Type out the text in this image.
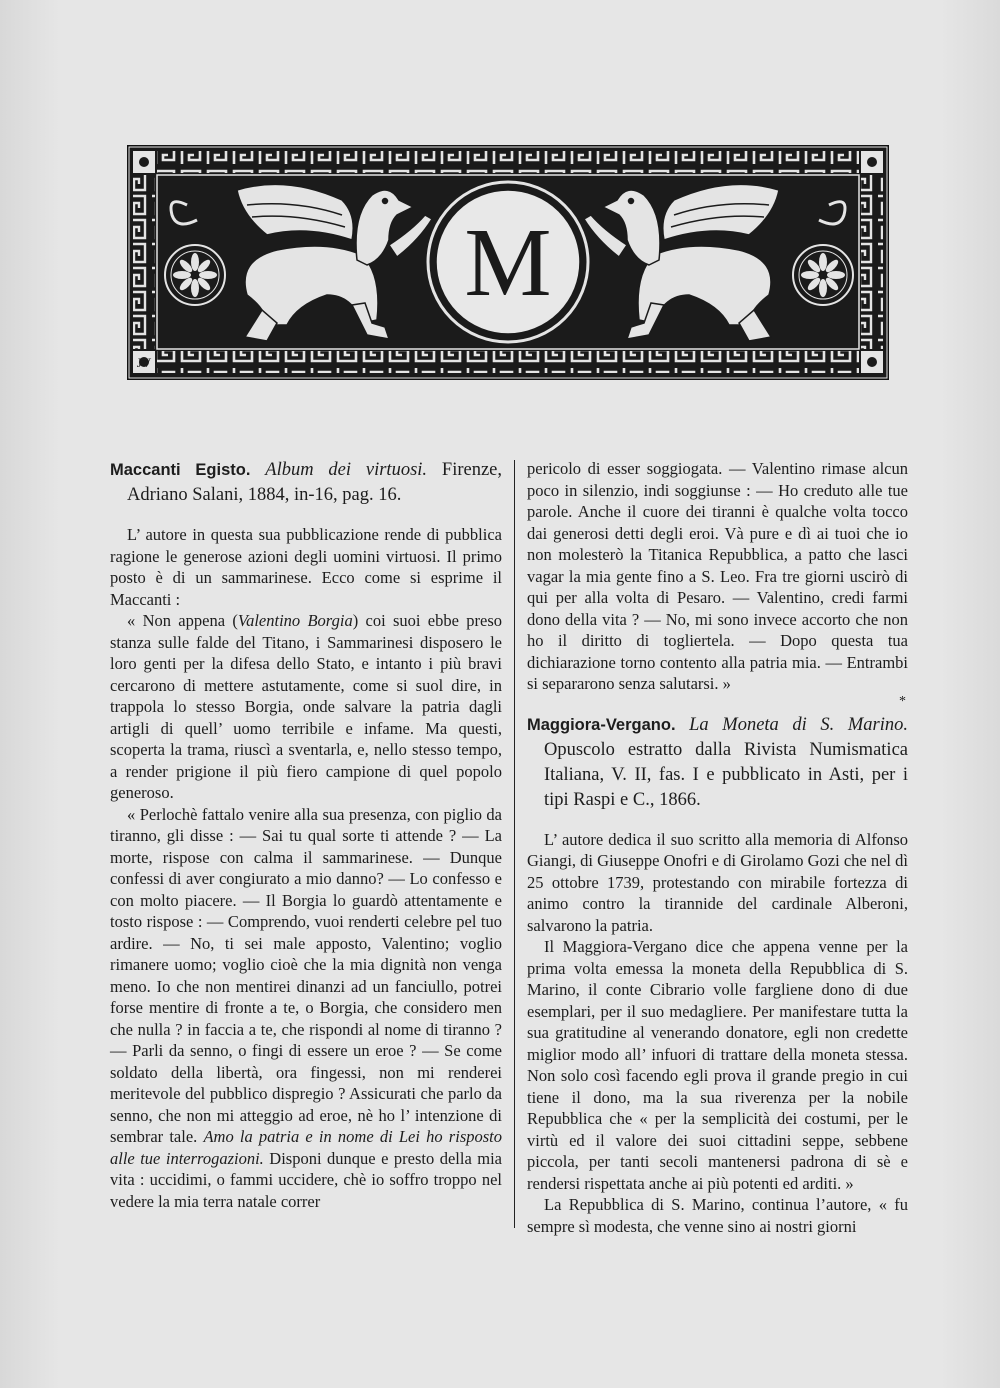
JV
M
Maccanti Egisto. Album dei virtuosi. Firenze, Adriano Salani, 1884, in-16, pag. 16.

L’ autore in questa sua pubblicazione rende di pubblica ragione le generose azioni degli uomini virtuosi. Il primo posto è di un sammarinese. Ecco come si esprime il Maccanti :

« Non appena (Valentino Borgia) coi suoi ebbe preso stanza sulle falde del Titano, i Sammarinesi disposero le loro genti per la difesa dello Stato, e intanto i più bravi cercarono di mettere astutamente, come si suol dire, in trappola lo stesso Borgia, onde salvare la patria dagli artigli di quell’ uomo terribile e infame. Ma questi, scoperta la trama, riuscì a sventarla, e, nello stesso tempo, a render prigione il più fiero campione di quel popolo generoso.

« Perlochè fattalo venire alla sua presenza, con piglio da tiranno, gli disse : — Sai tu qual sorte ti attende ? — La morte, rispose con calma il sammarinese. — Dunque confessi di aver congiurato a mio danno? — Lo confesso e con molto piacere. — Il Borgia lo guardò attentamente e tosto rispose : — Comprendo, vuoi renderti celebre pel tuo ardire. — No, ti sei male apposto, Valentino; voglio rimanere uomo; voglio cioè che la mia dignità non venga meno. Io che non mentirei dinanzi ad un fanciullo, potrei forse mentire di fronte a te, o Borgia, che considero men che nulla ? in faccia a te, che rispondi al nome di tiranno ? — Parli da senno, o fingi di essere un eroe ? — Se come soldato della libertà, ora fingessi, non mi renderei meritevole del pubblico dispregio ? Assicurati che parlo da senno, che non mi atteggio ad eroe, nè ho l’ intenzione di sembrar tale. Amo la patria e in nome di Lei ho risposto alle tue interrogazioni. Disponi dunque e presto della mia vita : uccidimi, o fammi uccidere, chè io soffro troppo nel vedere la mia terra natale correr

pericolo di esser soggiogata. — Valentino rimase alcun poco in silenzio, indi soggiunse : — Ho creduto alle tue parole. Anche il cuore dei tiranni è qualche volta tocco dai generosi detti degli eroi. Và pure e dì ai tuoi che io non molesterò la Titanica Repubblica, a patto che lasci vagar la mia gente fino a S. Leo. Fra tre giorni uscirò di qui per alla volta di Pesaro. — Valentino, credi farmi dono della vita ? — No, mi sono invece accorto che non ho il diritto di togliertela. — Dopo questa tua dichiarazione torno contento alla patria mia. — Entrambi si separarono senza salutarsi. »

*
Maggiora-Vergano. La Moneta di S. Marino. Opuscolo estratto dalla Rivista Numismatica Italiana, V. II, fas. I e pubblicato in Asti, per i tipi Raspi e C., 1866.

L’ autore dedica il suo scritto alla memoria di Alfonso Giangi, di Giuseppe Onofri e di Girolamo Gozi che nel dì 25 ottobre 1739, protestando con mirabile fortezza di animo contro la tirannide del cardinale Alberoni, salvarono la patria.

Il Maggiora-Vergano dice che appena venne per la prima volta emessa la moneta della Repubblica di S. Marino, il conte Cibrario volle fargliene dono di due esemplari, per il suo medagliere. Per manifestare tutta la sua gratitudine al venerando donatore, egli non credette miglior modo all’ infuori di trattare della moneta stessa. Non solo così facendo egli prova il grande pregio in cui tiene il dono, ma la sua riverenza per la nobile Repubblica che « per la semplicità dei costumi, per le virtù ed il valore dei suoi cittadini seppe, sebbene piccola, per tanti secoli mantenersi padrona di sè e rendersi rispettata anche ai più potenti ed arditi. »

La Repubblica di S. Marino, continua l’autore, « fu sempre sì modesta, che venne sino ai nostri giorni
